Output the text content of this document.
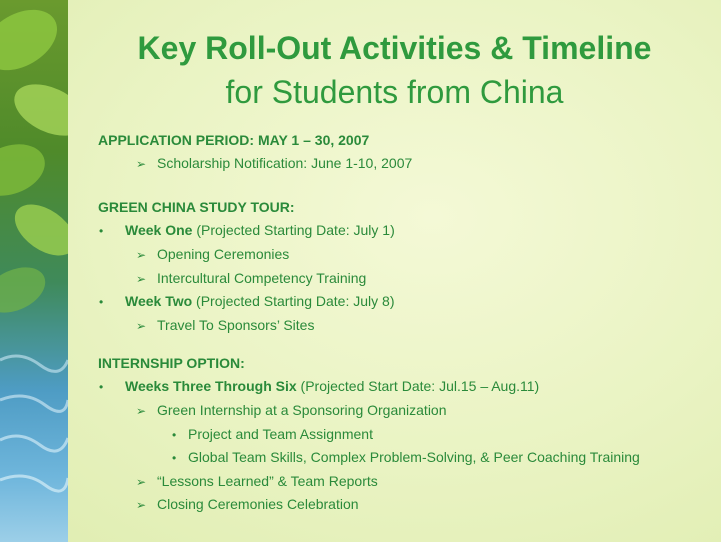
Key Roll-Out Activities & Timeline
for Students from China
APPLICATION PERIOD: MAY 1 – 30, 2007
➢ Scholarship Notification: June 1-10, 2007
GREEN CHINA STUDY TOUR:
• Week One (Projected Starting Date: July 1)
➢ Opening Ceremonies
➢ Intercultural Competency Training
• Week Two (Projected Starting Date: July 8)
➢ Travel To Sponsors’ Sites
INTERNSHIP OPTION:
• Weeks Three Through Six (Projected Start Date: Jul.15 – Aug.11)
➢ Green Internship at a Sponsoring Organization
• Project and Team Assignment
• Global Team Skills, Complex Problem-Solving, & Peer Coaching Training
➢ “Lessons Learned” & Team Reports
➢ Closing Ceremonies Celebration
